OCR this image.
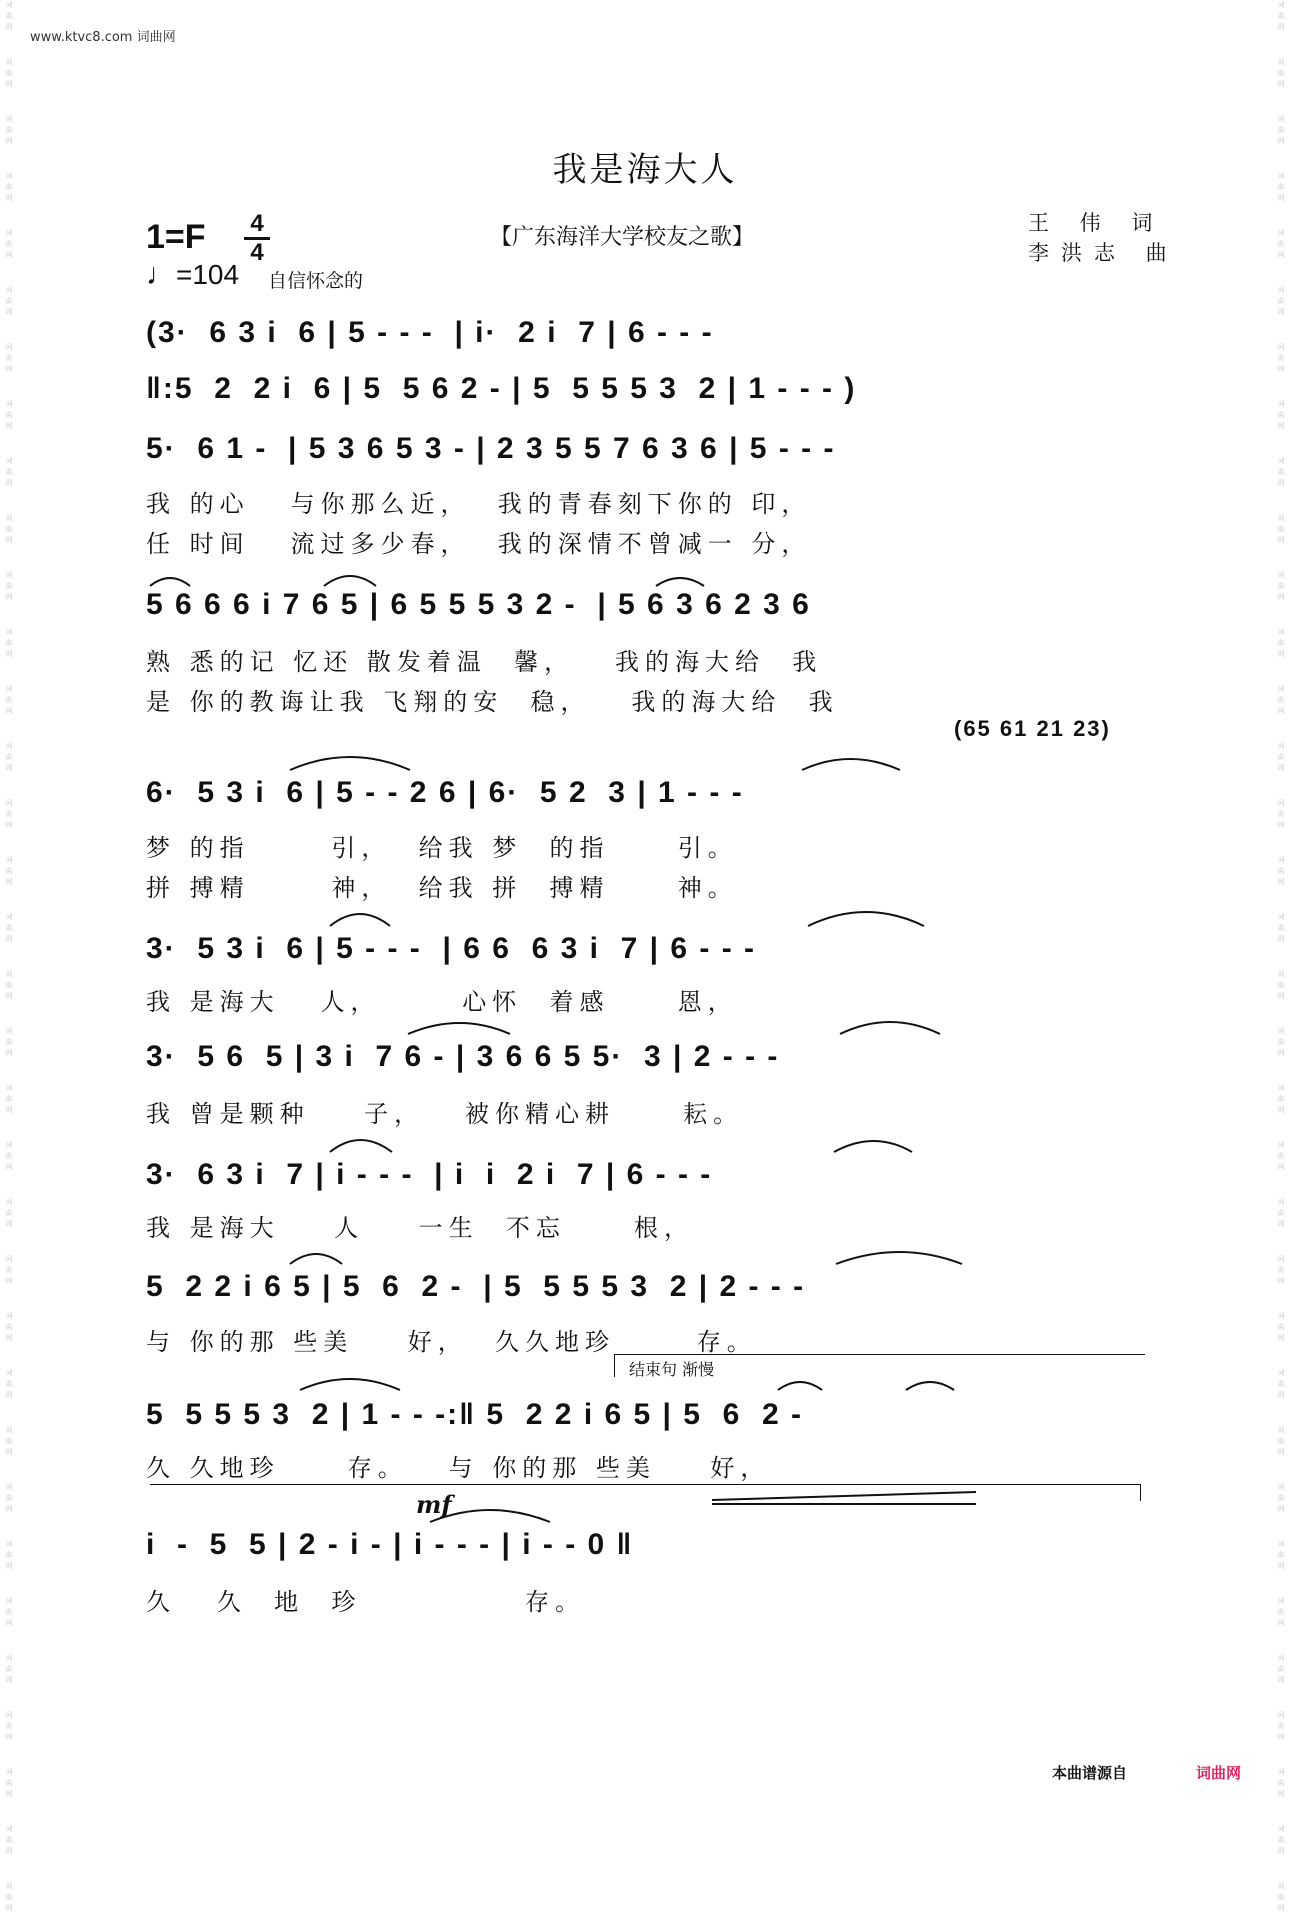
词
曲
网
词
曲
网
词
曲
网
词
曲
网
词
曲
网
词
曲
网
词
曲
网
词
曲
网
词
曲
网
词
曲
网
词
曲
网
词
曲
网
词
曲
网
词
曲
网
词
曲
网
词
曲
网
词
曲
网
词
曲
网
词
曲
网
词
曲
网
词
曲
网
词
曲
网
词
曲
网
词
曲
网
词
曲
网
词
曲
网
词
曲
网
词
曲
网
词
曲
网
词
曲
网
词
曲
网
词
曲
网
词
曲
网
词
曲
网
词
曲
网
词
曲
网
词
曲
网
词
曲
网
词
曲
网
词
曲
网
词
曲
网
词
曲
网
词
曲
网
词
曲
网
词
曲
网
词
曲
网
词
曲
网
词
曲
网
词
曲
网
词
曲
网
词
曲
网
词
曲
网
词
曲
网
词
曲
网
词
曲
网
词
曲
网
词
曲
网
词
曲
网
词
曲
网
词
曲
网
词
曲
网
词
曲
网
词
曲
网
词
曲
网
词
曲
网
词
曲
网
词
曲
网
词
曲
网
www.ktvc8.com 词曲网
我是海大人
1=F 4
4
♩=104 自信怀念的
【广东海洋大学校友之歌】
王 伟 词
李洪志 曲
(3·  6 3 i  6 | 5 - - -  | i·  2 i  7 | 6 - - -
‖:5  2  2 i  6 | 5  5 6 2 - | 5  5 5 5 3  2 | 1 - - - )
5·  6 1 -  | 5 3 6 5 3 - | 2 3 5 5 7 6 3 6 | 5 - - -
我 的心   与你那么近，  我的青春刻下你的 印，
任 时间   流过多少春，  我的深情不曾减一 分，
5 6 6 6 i 7 6 5 | 6 5 5 5 3 2 -  | 5 6 3 6 2 3 6
熟 悉的记 忆还 散发着温  馨，   我的海大给  我
是 你的教诲让我 飞翔的安  稳，   我的海大给  我
(65 61 21 23)
6·  5 3 i  6 | 5 - - 2 6 | 6·  5 2  3 | 1 - - -
梦 的指      引，  给我 梦  的指     引。
拼 搏精      神，  给我 拼  搏精     神。
3·  5 3 i  6 | 5 - - -  | 6 6  6 3 i  7 | 6 - - -
我 是海大   人，      心怀  着感     恩，
3·  5 6  5 | 3 i  7 6 - | 3 6 6 5 5·  3 | 2 - - -
我 曾是颗种    子，   被你精心耕     耘。
3·  6 3 i  7 | i - - -  | i  i  2 i  7 | 6 - - -
我 是海大    人    一生  不忘     根，
5  2 2 i 6 5 | 5  6  2 -  | 5  5 5 5 3  2 | 2 - - -
与 你的那 些美    好，  久久地珍      存。
结束句 渐慢
5  5 5 5 3  2 | 1 - - -:‖ 5  2 2 i 6 5 | 5  6  2 -
久 久地珍     存。   与 你的那 些美    好，
mf
i  -  5  5 | 2 - i - | i - - - | i - - 0 ‖
久   久  地  珍            存。
本曲谱源自	词曲网
